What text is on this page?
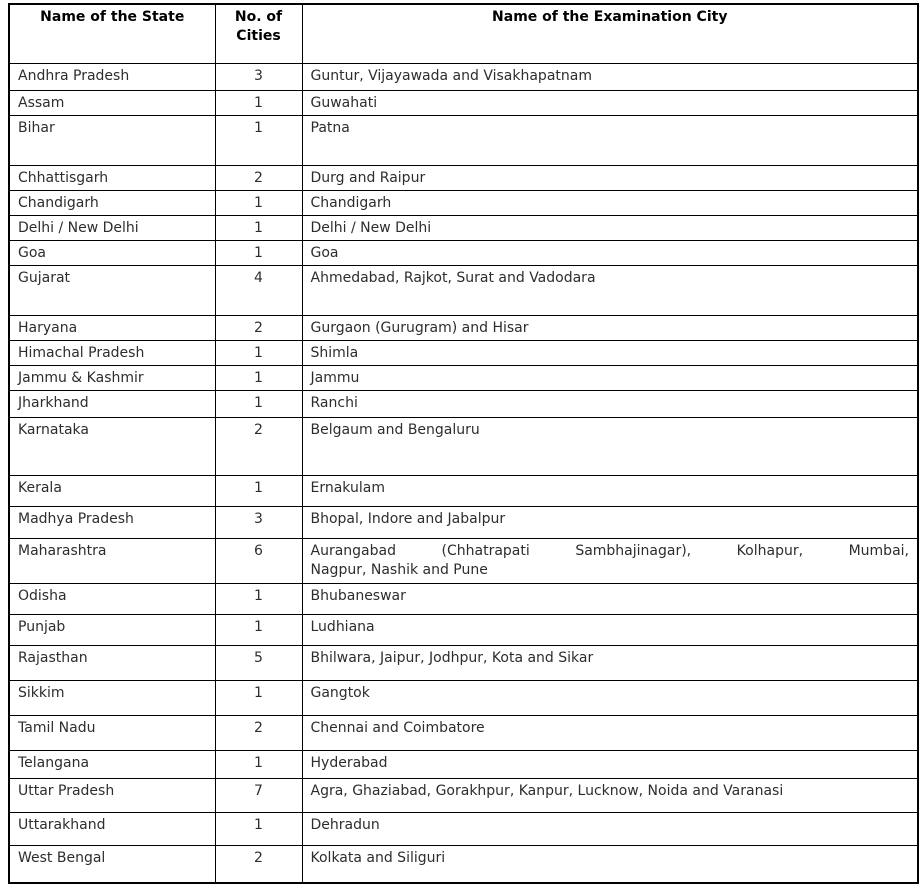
Name of the State	No. of Cities	Name of the Examination City
Andhra Pradesh	3	Guntur, Vijayawada and Visakhapatnam
Assam	1	Guwahati
Bihar	1	Patna
Chhattisgarh	2	Durg and Raipur
Chandigarh	1	Chandigarh
Delhi / New Delhi	1	Delhi / New Delhi
Goa	1	Goa
Gujarat	4	Ahmedabad, Rajkot, Surat and Vadodara
Haryana	2	Gurgaon (Gurugram) and Hisar
Himachal Pradesh	1	Shimla
Jammu & Kashmir	1	Jammu
Jharkhand	1	Ranchi
Karnataka	2	Belgaum and Bengaluru
Kerala	1	Ernakulam
Madhya Pradesh	3	Bhopal, Indore and Jabalpur
Maharashtra	6	Aurangabad (Chhatrapati Sambhajinagar), Kolhapur, Mumbai,
Nagpur, Nashik and Pune

Odisha	1	Bhubaneswar
Punjab	1	Ludhiana
Rajasthan	5	Bhilwara, Jaipur, Jodhpur, Kota and Sikar
Sikkim	1	Gangtok
Tamil Nadu	2	Chennai and Coimbatore
Telangana	1	Hyderabad
Uttar Pradesh	7	Agra, Ghaziabad, Gorakhpur, Kanpur, Lucknow, Noida and Varanasi
Uttarakhand	1	Dehradun
West Bengal	2	Kolkata and Siliguri
